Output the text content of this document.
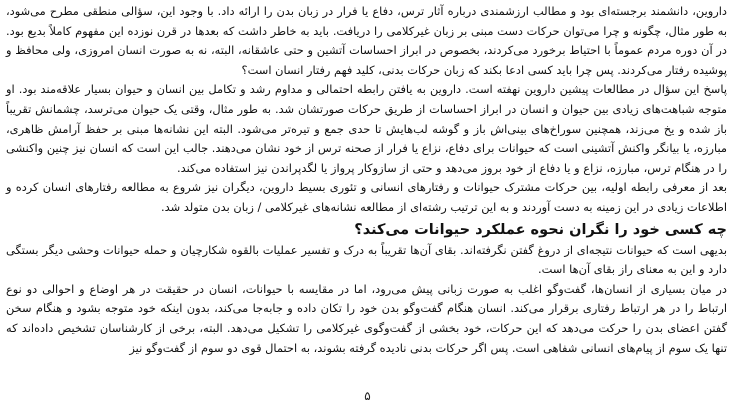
داروین، دانشمند برجسته‌ای بود و مطالب ارزشمندی درباره آثار ترس، دفاع یا فرار در زبان بدن را ارائه داد. با وجود این، سؤالی منطقی مطرح می‌شود، به طور مثال، چگونه و چرا می‌توان حرکات دست مبنی بر زبان غیرکلامی را دریافت. باید به خاطر داشت که بعدها در قرن نوزده این مفهوم کاملاً بدیع بود. در آن دوره مردم عموماً با احتیاط برخورد می‌کردند، بخصوص در ابراز احساسات آتشین و حتی عاشقانه، البته، نه به صورت انسان امروزی، ولی محافظ و پوشیده رفتار می‌کردند. پس چرا باید کسی ادعا بکند که زبان حرکات بدنی، کلید فهم رفتار انسان است؟

پاسخ این سؤال در مطالعات پیشین داروین نهفته است. داروین به یافتن رابطه احتمالی و مداوم رشد و تکامل بین انسان و حیوان بسیار علاقه‌مند بود. او متوجه شباهت‌های زیادی بین حیوان و انسان در ابراز احساسات از طریق حرکات صورتشان شد. به طور مثال، وقتی یک حیوان می‌ترسد، چشمانش تقریباً باز شده و یخ می‌زند، همچنین سوراخ‌های بینی‌اش باز و گوشه لب‌هایش تا حدی جمع و تیره‌تر می‌شود. البته این نشانه‌ها مبنی بر حفظ آرامش ظاهری، مبارزه، یا بیانگر واکنش آتشینی است که حیوانات برای دفاع، نزاع یا فرار از صحنه ترس از خود نشان می‌دهند. جالب این است که انسان نیز چنین واکنشی را در هنگام ترس، مبارزه، نزاع و یا دفاع از خود بروز می‌دهد و حتی از سازوکار پرواز یا لگدپراندن نیز استفاده می‌کند.

بعد از معرفی رابطه اولیه، بین حرکات مشترک حیوانات و رفتارهای انسانی و تئوری بسیط داروین، دیگران نیز شروع به مطالعه رفتارهای انسان کرده و اطلاعات زیادی در این زمینه به دست آوردند و به این ترتیب رشته‌ای از مطالعه نشانه‌های غیرکلامی / زبان بدن متولد شد.

چه کسی خود را نگران نحوه عملکرد حیوانات می‌کند؟

بدیهی است که حیوانات نتیجه‌ای از دروغ گفتن نگرفته‌اند. بقای آن‌ها تقریباً به درک و تفسیر عملیات بالقوه شکارچیان و حمله حیوانات وحشی دیگر بستگی دارد و این به معنای راز بقای آن‌ها است.

در میان بسیاری از انسان‌ها، گفت‌وگو اغلب به صورت زبانی پیش می‌رود، اما در مقایسه با حیوانات، انسان در حقیقت در هر اوضاع و احوالی دو نوع ارتباط را در هر ارتباط رفتاری برقرار می‌کند. انسان هنگام گفت‌وگو بدن خود را تکان داده و جابه‌جا می‌کند، بدون اینکه خود متوجه بشود و هنگام سخن گفتن اعضای بدن را حرکت می‌دهد که این حرکات، خود بخشی از گفت‌وگوی غیرکلامی را تشکیل می‌دهد. البته، برخی از کارشناسان تشخیص داده‌اند که تنها یک سوم از پیام‌های انسانی شفاهی است. پس اگر حرکات بدنی نادیده گرفته بشوند، به احتمال قوی دو سوم از گفت‌وگو نیز

۵
